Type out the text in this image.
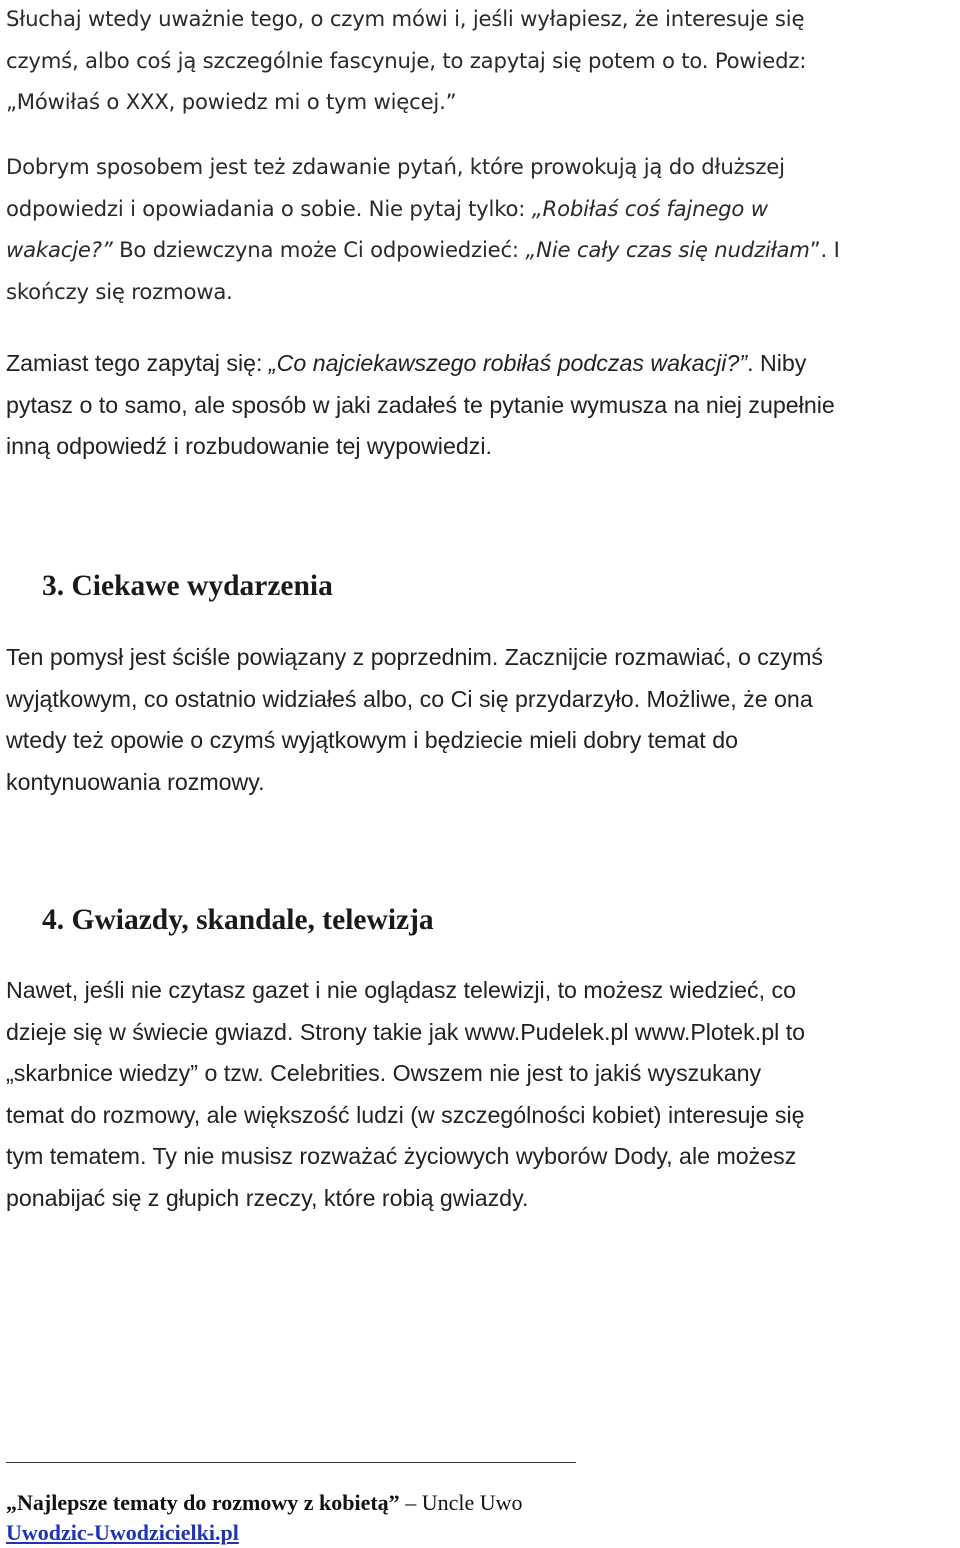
Słuchaj wtedy uważnie tego, o czym mówi i, jeśli wyłapiesz, że interesuje się
czymś, albo coś ją szczególnie fascynuje, to zapytaj się potem o to. Powiedz:
„Mówiłaś o XXX, powiedz mi o tym więcej.”

Dobrym sposobem jest też zdawanie pytań, które prowokują ją do dłuższej
odpowiedzi i opowiadania o sobie. Nie pytaj tylko: „Robiłaś coś fajnego w
wakacje?” Bo dziewczyna może Ci odpowiedzieć: „Nie cały czas się nudziłam”. I
skończy się rozmowa.

Zamiast tego zapytaj się: „Co najciekawszego robiłaś podczas wakacji?”. Niby
pytasz o to samo, ale sposób w jaki zadałeś te pytanie wymusza na niej zupełnie
inną odpowiedź i rozbudowanie tej wypowiedzi.

3. Ciekawe wydarzenia

Ten pomysł jest ściśle powiązany z poprzednim. Zacznijcie rozmawiać, o czymś
wyjątkowym, co ostatnio widziałeś albo, co Ci się przydarzyło. Możliwe, że ona
wtedy też opowie o czymś wyjątkowym i będziecie mieli dobry temat do
kontynuowania rozmowy.

4. Gwiazdy, skandale, telewizja

Nawet, jeśli nie czytasz gazet i nie oglądasz telewizji, to możesz wiedzieć, co
dzieje się w świecie gwiazd. Strony takie jak www.Pudelek.pl www.Plotek.pl to
„skarbnice wiedzy” o tzw. Celebrities. Owszem nie jest to jakiś wyszukany
temat do rozmowy, ale większość ludzi (w szczególności kobiet) interesuje się
tym tematem. Ty nie musisz rozważać życiowych wyborów Dody, ale możesz
ponabijać się z głupich rzeczy, które robią gwiazdy.

„Najlepsze tematy do rozmowy z kobietą” – Uncle Uwo

Uwodzic-Uwodzicielki.pl
